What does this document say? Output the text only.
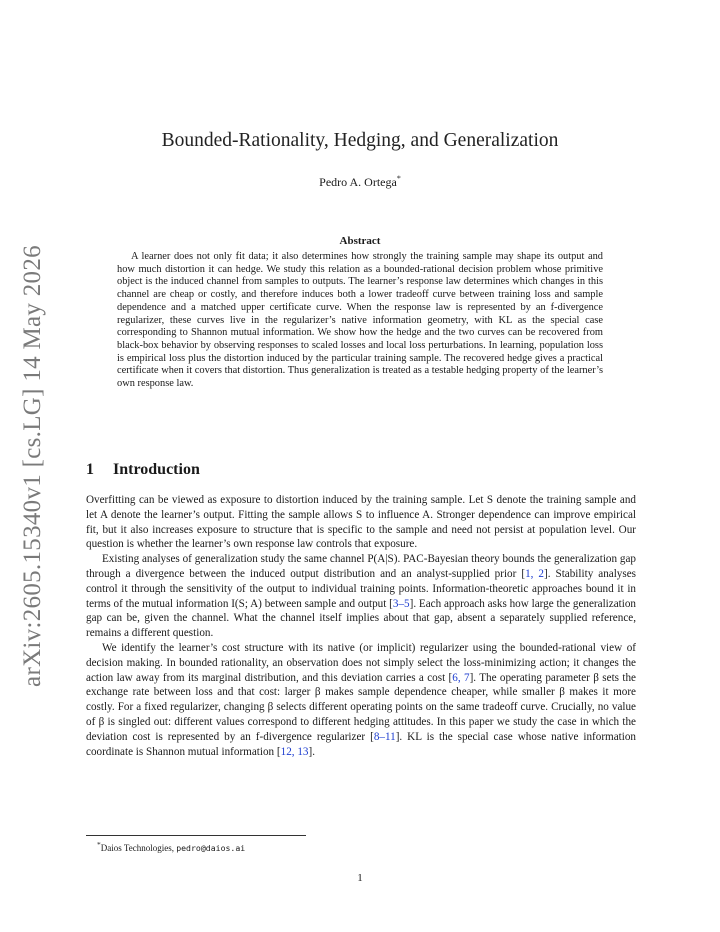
arXiv:2605.15340v1 [cs.LG] 14 May 2026
Bounded-Rationality, Hedging, and Generalization
Pedro A. Ortega*
Abstract

A learner does not only fit data; it also determines how strongly the training sample may shape its output and how much distortion it can hedge. We study this relation as a bounded-rational decision problem whose primitive object is the induced channel from samples to outputs. The learner’s response law determines which changes in this channel are cheap or costly, and therefore induces both a lower tradeoff curve between training loss and sample dependence and a matched upper certificate curve. When the response law is represented by an f-divergence regularizer, these curves live in the regularizer’s native information geometry, with KL as the special case corresponding to Shannon mutual information. We show how the hedge and the two curves can be recovered from black-box behavior by observing responses to scaled losses and local loss perturbations. In learning, population loss is empirical loss plus the distortion induced by the particular training sample. The recovered hedge gives a practical certificate when it covers that distortion. Thus generalization is treated as a testable hedging property of the learner’s own response law.

1 Introduction

Overfitting can be viewed as exposure to distortion induced by the training sample. Let S denote the training sample and let A denote the learner’s output. Fitting the sample allows S to influence A. Stronger dependence can improve empirical fit, but it also increases exposure to structure that is specific to the sample and need not persist at population level. Our question is whether the learner’s own response law controls that exposure.

Existing analyses of generalization study the same channel P(A|S). PAC-Bayesian theory bounds the generalization gap through a divergence between the induced output distribution and an analyst-supplied prior [1, 2]. Stability analyses control it through the sensitivity of the output to individual training points. Information-theoretic approaches bound it in terms of the mutual information I(S; A) between sample and output [3–5]. Each approach asks how large the generalization gap can be, given the channel. What the channel itself implies about that gap, absent a separately supplied reference, remains a different question.

We identify the learner’s cost structure with its native (or implicit) regularizer using the bounded-rational view of decision making. In bounded rationality, an observation does not simply select the loss-minimizing action; it changes the action law away from its marginal distribution, and this deviation carries a cost [6, 7]. The operating parameter β sets the exchange rate between loss and that cost: larger β makes sample dependence cheaper, while smaller β makes it more costly. For a fixed regularizer, changing β selects different operating points on the same tradeoff curve. Crucially, no value of β is singled out: different values correspond to different hedging attitudes. In this paper we study the case in which the deviation cost is represented by an f-divergence regularizer [8–11]. KL is the special case whose native information coordinate is Shannon mutual information [12, 13].

*Daios Technologies, pedro@daios.ai
1
